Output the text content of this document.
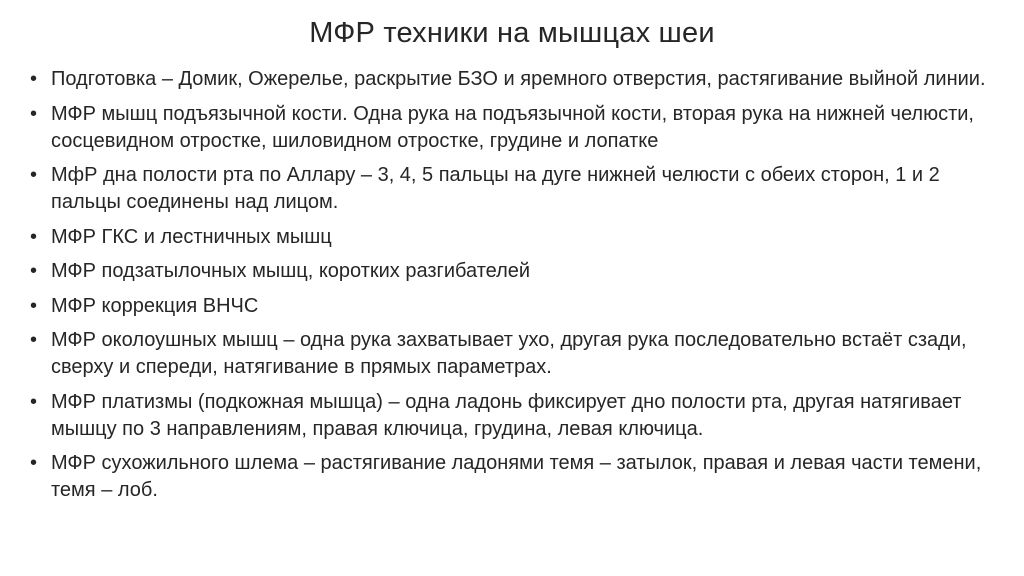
МФР техники на мышцах шеи
• Подготовка – Домик, Ожерелье, раскрытие БЗО и яремного отверстия, растягивание выйной линии.
• МФР мышц подъязычной кости. Одна рука на подъязычной кости, вторая рука на нижней челюсти, сосцевидном отростке, шиловидном отростке, грудине и лопатке
• МфР дна полости рта по Аллару – 3, 4, 5 пальцы на дуге нижней челюсти с обеих сторон, 1 и 2 пальцы соединены над лицом.
• МФР ГКС и лестничных мышц
• МФР подзатылочных мышц, коротких разгибателей
• МФР коррекция ВНЧС
• МФР околоушных мышц – одна рука захватывает ухо, другая рука последовательно встаёт сзади, сверху и спереди, натягивание в прямых параметрах.
• МФР платизмы (подкожная мышца) – одна ладонь фиксирует дно полости рта, другая натягивает мышцу по 3 направлениям, правая ключица, грудина, левая ключица.
• МФР сухожильного шлема – растягивание ладонями темя – затылок, правая и левая части темени, темя – лоб.
